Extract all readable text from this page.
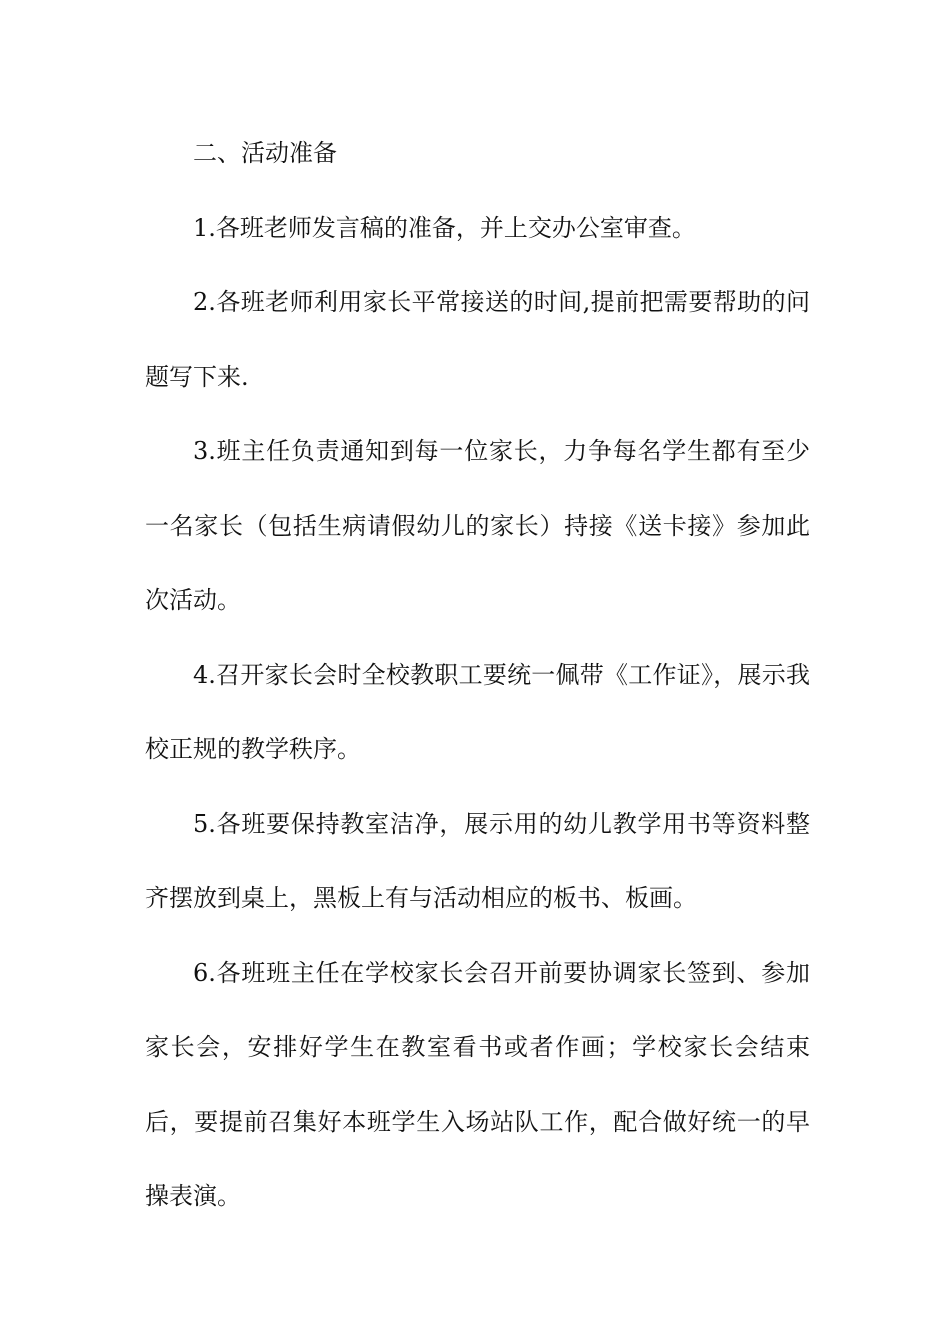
二、活动准备

1.各班老师发言稿的准备，并上交办公室审查。

2.各班老师利用家长平常接送的时间,提前把需要帮助的问题写下来.

3.班主任负责通知到每一位家长，力争每名学生都有至少一名家长（包括生病请假幼儿的家长）持接《送卡接》参加此次活动。

4.召开家长会时全校教职工要统一佩带《工作证》，展示我校正规的教学秩序。

5.各班要保持教室洁净，展示用的幼儿教学用书等资料整齐摆放到桌上，黑板上有与活动相应的板书、板画。

6.各班班主任在学校家长会召开前要协调家长签到、参加家长会，安排好学生在教室看书或者作画；学校家长会结束后，要提前召集好本班学生入场站队工作，配合做好统一的早操表演。
